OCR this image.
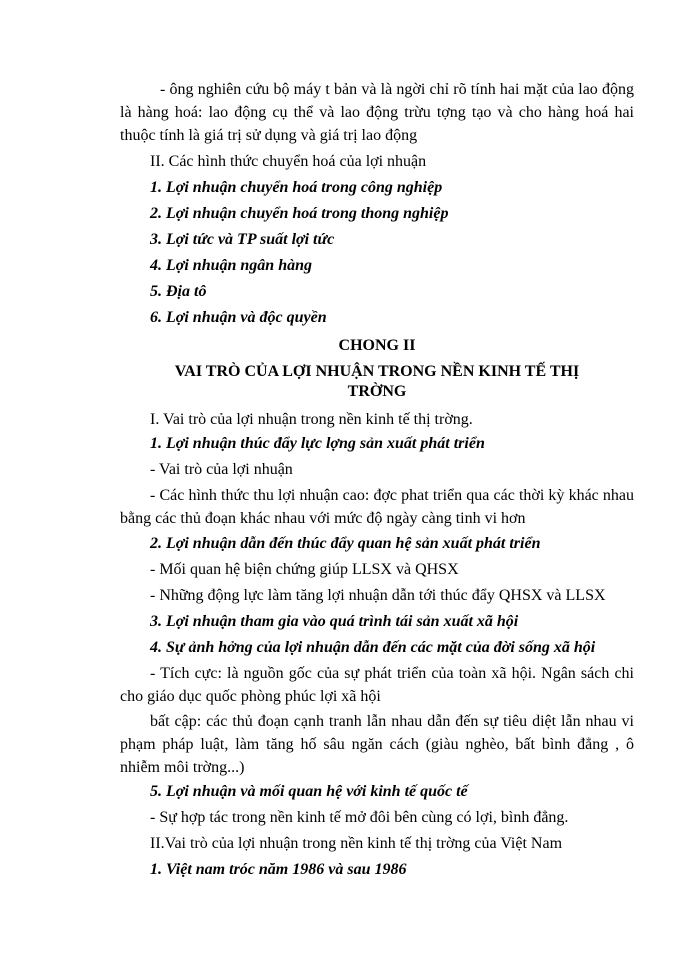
- ông nghiên cứu bộ máy t bản và là ngời chỉ rõ tính hai mặt của lao động là hàng hoá: lao động cụ thể và lao động trừu tợng tạo và cho hàng hoá hai thuộc tính là giá trị sử dụng và giá trị lao động
II. Các hình thức chuyển hoá của lợi nhuận
1. Lợi nhuận chuyển hoá trong công nghiệp
2. Lợi nhuận chuyển hoá trong thong nghiệp
3. Lợi tức và TP suất lợi tức
4. Lợi nhuận ngân hàng
5. Địa tô
6. Lợi nhuận và độc quyền
CHONG II
VAI TRÒ CỦA LỢI NHUẬN TRONG NỀN KINH TẾ THỊ TRỜNG
I. Vai trò của lợi nhuận trong nền kinh tế thị trờng.
1. Lợi nhuận thúc đẩy lực lợng sản xuất phát triển
- Vai trò của lợi nhuận
- Các hình thức thu lợi nhuận cao: đợc phat triển qua các thời kỳ khác nhau bằng các thủ đoạn khác nhau với mức độ ngày càng tinh vi hơn
2. Lợi nhuận dẫn đến thúc đẩy quan hệ sản xuất phát triển
- Mối quan hệ biện chứng giúp LLSX và QHSX
- Những động lực làm tăng lợi nhuận dẫn tới thúc đẩy QHSX và LLSX
3. Lợi nhuận tham gia vào quá trình tái sản xuất xã hội
4. Sự ảnh hởng của lợi nhuận dẫn đến các mặt của đời sống xã hội
- Tích cực: là nguồn gốc của sự phát triển của toàn xã hội. Ngân sách chi cho giáo dục quốc phòng phúc lợi xã hội
bất cập: các thủ đoạn cạnh tranh lẫn nhau dẫn đến sự tiêu diệt lẫn nhau vi phạm pháp luật, làm tăng hố sâu ngăn cách (giàu nghèo, bất bình đẳng , ô nhiễm môi trờng...)
5. Lợi nhuận và mối quan hệ với kinh tế quốc tế
- Sự hợp tác trong nền kinh tế mở đôi bên cùng có lợi, bình đẳng.
II.Vai trò của lợi nhuận trong nền kinh tế thị trờng của Việt Nam
1. Việt nam tróc năm 1986 và sau 1986
